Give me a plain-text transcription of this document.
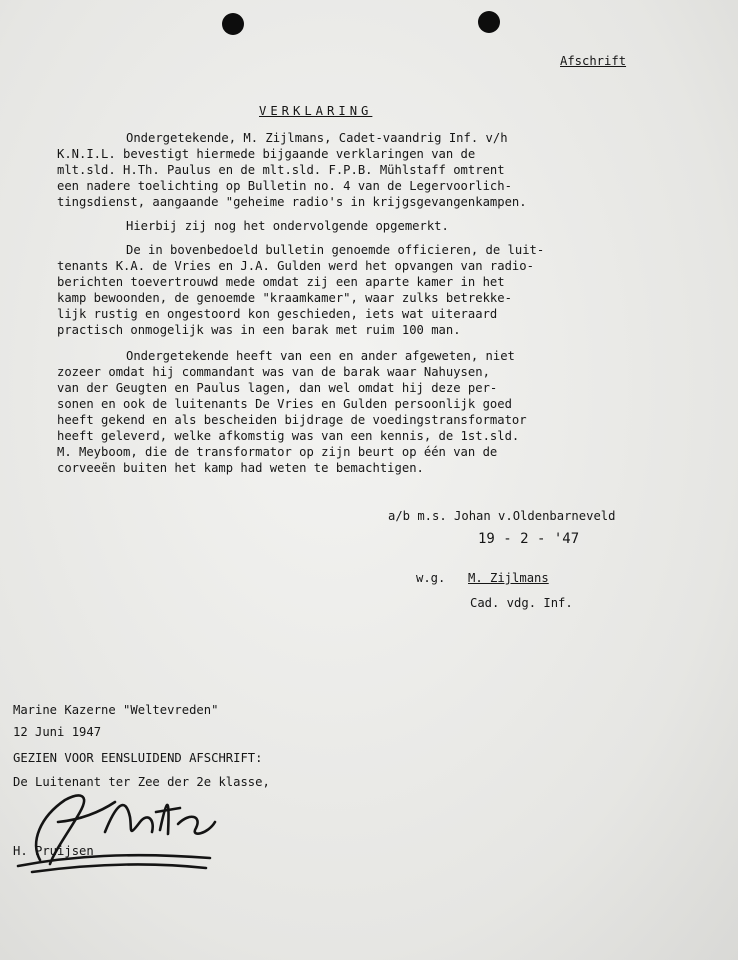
Afschrift
VERKLARING
Ondergetekende, M. Zijlmans, Cadet-vaandrig Inf. v/h
K.N.I.L. bevestigt hiermede bijgaande verklaringen van de
mlt.sld. H.Th. Paulus en de mlt.sld. F.P.B. Mühlstaff omtrent
een nadere toelichting op Bulletin no. 4 van de Legervoorlich-
tingsdienst, aangaande "geheime radio's in krijgsgevangenkampen.
Hierbij zij nog het ondervolgende opgemerkt.
De in bovenbedoeld bulletin genoemde officieren, de luit-
tenants K.A. de Vries en J.A. Gulden werd het opvangen van radio-
berichten toevertrouwd mede omdat zij een aparte kamer in het
kamp bewoonden, de genoemde "kraamkamer", waar zulks betrekke-
lijk rustig en ongestoord kon geschieden, iets wat uiteraard
practisch onmogelijk was in een barak met ruim 100 man.
Ondergetekende heeft van een en ander afgeweten, niet
zozeer omdat hij commandant was van de barak waar Nahuysen,
van der Geugten en Paulus lagen, dan wel omdat hij deze per-
sonen en ook de luitenants De Vries en Gulden persoonlijk goed
heeft gekend en als bescheiden bijdrage de voedingstransformator
heeft geleverd, welke afkomstig was van een kennis, de 1st.sld.
M. Meyboom, die de transformator op zijn beurt op één van de
corveeën buiten het kamp had weten te bemachtigen.
a/b m.s. Johan v.Oldenbarneveld
19 - 2 - '47
w.g. M. Zijlmans
Cad. vdg. Inf.
Marine Kazerne "Weltevreden"
12 Juni 1947
GEZIEN VOOR EENSLUIDEND AFSCHRIFT:
De Luitenant ter Zee der 2e klasse,
H. Pruijsen
